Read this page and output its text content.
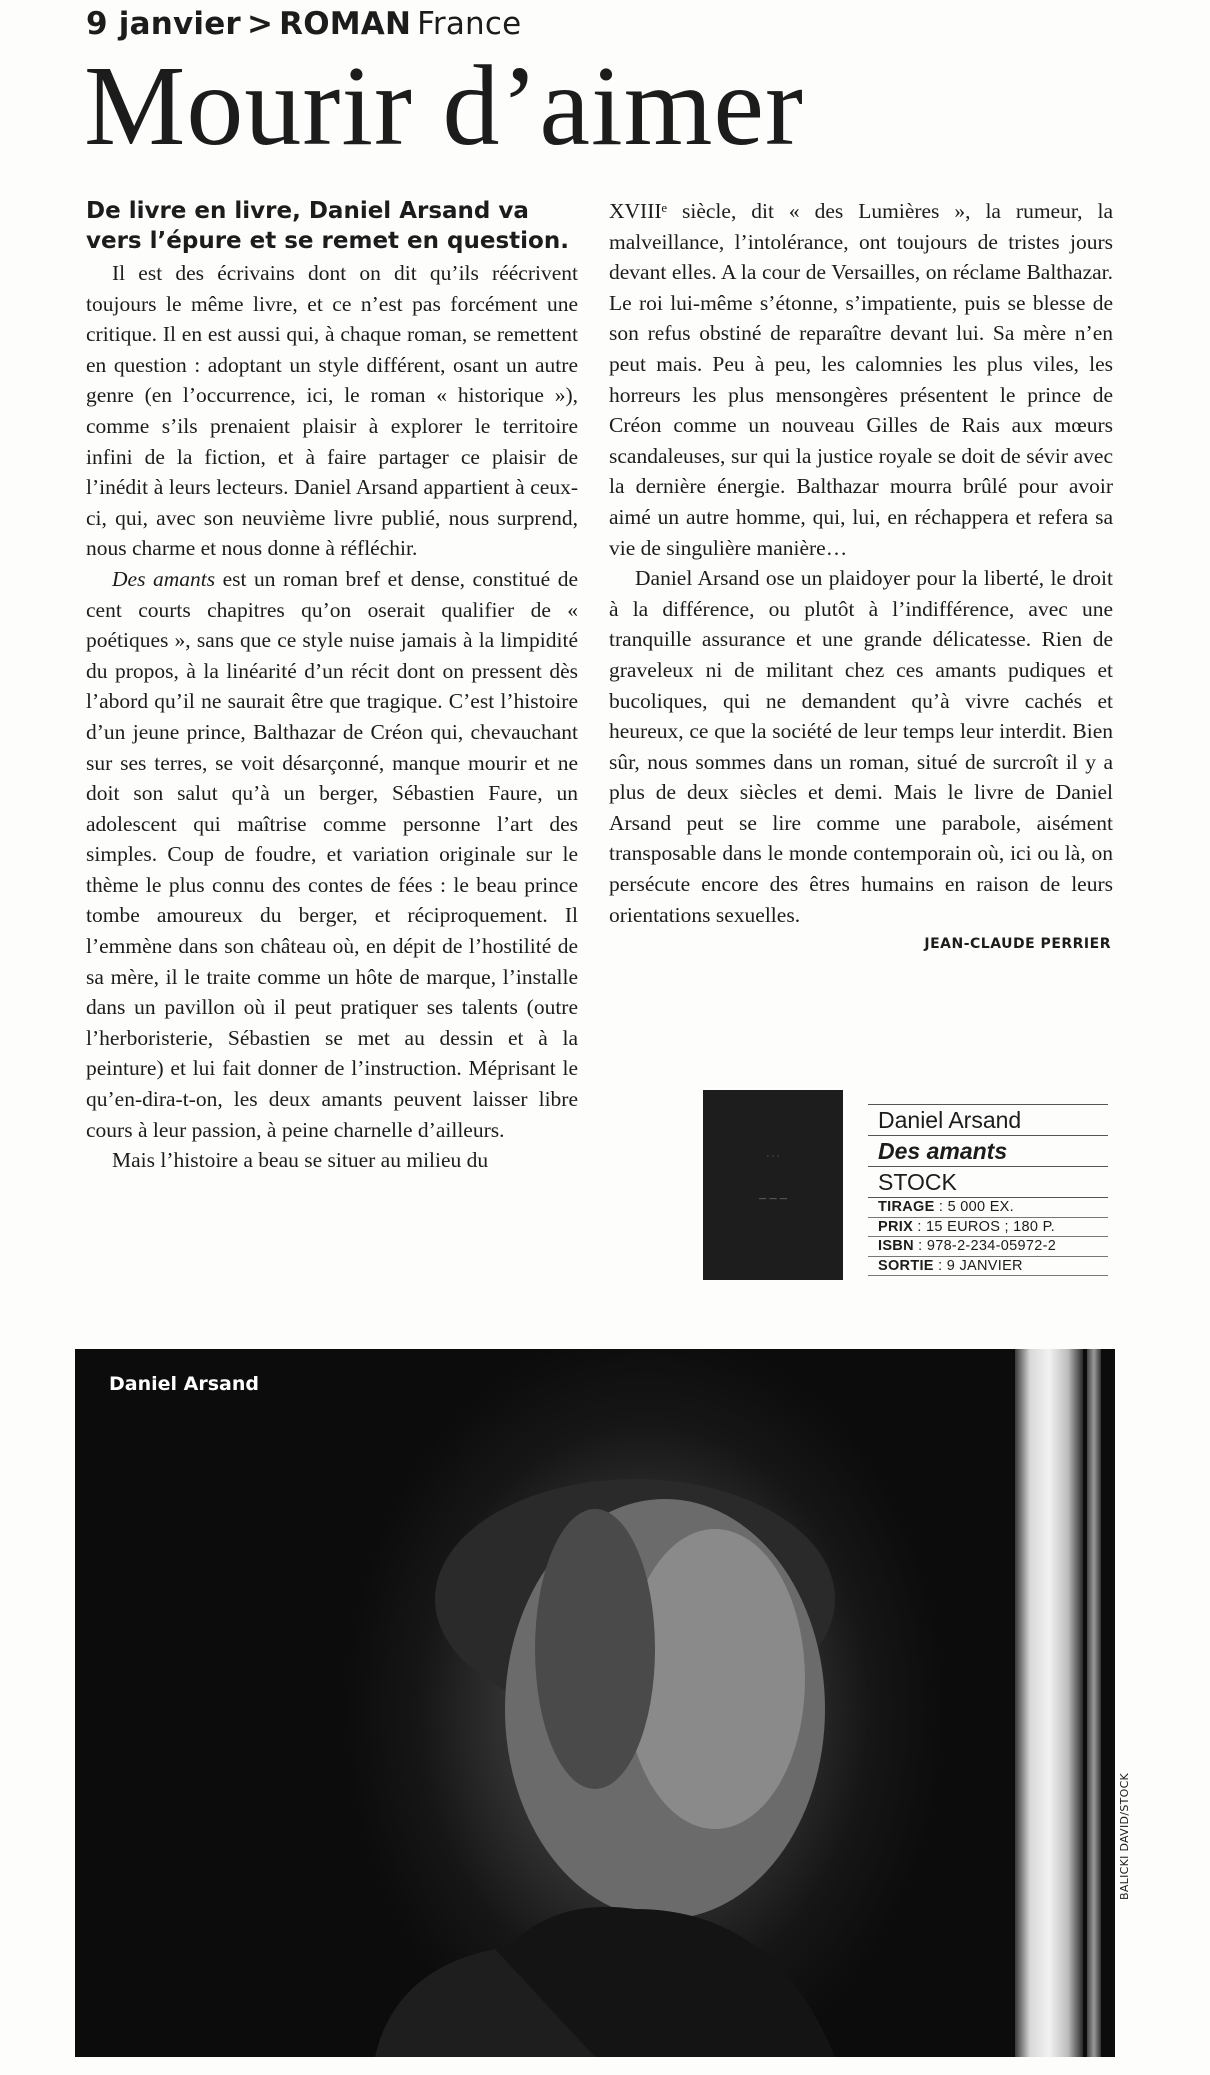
9 janvier > ROMAN France
Mourir d’aimer

De livre en livre, Daniel Arsand va vers l’épure et se remet en question.

Il est des écrivains dont on dit qu’ils réécrivent toujours le même livre, et ce n’est pas forcément une critique. Il en est aussi qui, à chaque roman, se remettent en question : adoptant un style différent, osant un autre genre (en l’occurrence, ici, le roman « historique »), comme s’ils prenaient plaisir à explorer le territoire infini de la fiction, et à faire partager ce plaisir de l’inédit à leurs lecteurs. Daniel Arsand appartient à ceux-ci, qui, avec son neuvième livre publié, nous surprend, nous charme et nous donne à réfléchir.

Des amants est un roman bref et dense, constitué de cent courts chapitres qu’on oserait qualifier de « poétiques », sans que ce style nuise jamais à la limpidité du propos, à la linéarité d’un récit dont on pressent dès l’abord qu’il ne saurait être que tragique. C’est l’histoire d’un jeune prince, Balthazar de Créon qui, chevauchant sur ses terres, se voit désarçonné, manque mourir et ne doit son salut qu’à un berger, Sébastien Faure, un adolescent qui maîtrise comme personne l’art des simples. Coup de foudre, et variation originale sur le thème le plus connu des contes de fées : le beau prince tombe amoureux du berger, et réciproquement. Il l’emmène dans son château où, en dépit de l’hostilité de sa mère, il le traite comme un hôte de marque, l’installe dans un pavillon où il peut pratiquer ses talents (outre l’herboristerie, Sébastien se met au dessin et à la peinture) et lui fait donner de l’instruction. Méprisant le qu’en-dira-t-on, les deux amants peuvent laisser libre cours à leur passion, à peine charnelle d’ailleurs.

Mais l’histoire a beau se situer au milieu du

XVIIIᵉ siècle, dit « des Lumières », la rumeur, la malveillance, l’intolérance, ont toujours de tristes jours devant elles. A la cour de Versailles, on réclame Balthazar. Le roi lui-même s’étonne, s’impatiente, puis se blesse de son refus obstiné de reparaître devant lui. Sa mère n’en peut mais. Peu à peu, les calomnies les plus viles, les horreurs les plus mensongères présentent le prince de Créon comme un nouveau Gilles de Rais aux mœurs scandaleuses, sur qui la justice royale se doit de sévir avec la dernière énergie. Balthazar mourra brûlé pour avoir aimé un autre homme, qui, lui, en réchappera et refera sa vie de singulière manière…

Daniel Arsand ose un plaidoyer pour la liberté, le droit à la différence, ou plutôt à l’indifférence, avec une tranquille assurance et une grande délicatesse. Rien de graveleux ni de militant chez ces amants pudiques et bucoliques, qui ne demandent qu’à vivre cachés et heureux, ce que la société de leur temps leur interdit. Bien sûr, nous sommes dans un roman, situé de surcroît il y a plus de deux siècles et demi. Mais le livre de Daniel Arsand peut se lire comme une parabole, aisément transposable dans le monde contemporain où, ici ou là, on persécute encore des êtres humains en raison de leurs orientations sexuelles.

JEAN-CLAUDE PERRIER
· · ·
— — —
Daniel Arsand
Des amants
STOCK
TIRAGE : 5 000 EX.
PRIX : 15 EUROS ; 180 P.
ISBN : 978-2-234-05972-2
SORTIE : 9 JANVIER
Daniel Arsand
BALICKI DAVID/STOCK
